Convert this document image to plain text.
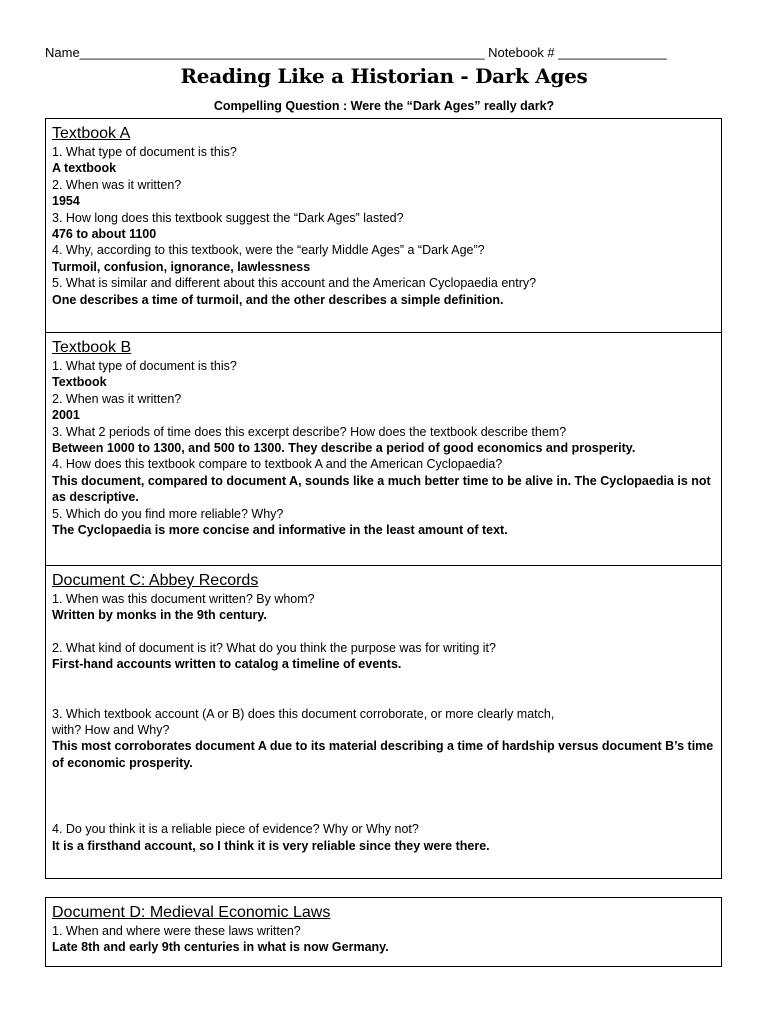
Name________________________________________________________ Notebook # _______________
Reading Like a Historian - Dark Ages
Compelling Question : Were the “Dark Ages” really dark?
Textbook A

1. What type of document is this?

A textbook

2. When was it written?

1954

3. How long does this textbook suggest the “Dark Ages” lasted?

476 to about 1100

4. Why, according to this textbook, were the “early Middle Ages” a “Dark Age”?

Turmoil, confusion, ignorance, lawlessness

5. What is similar and different about this account and the American Cyclopaedia entry?

One describes a time of turmoil, and the other describes a simple definition.

Textbook B

1. What type of document is this?

Textbook

2. When was it written?

2001

3. What 2 periods of time does this excerpt describe? How does the textbook describe them?

Between 1000 to 1300, and 500 to 1300. They describe a period of good economics and prosperity.

4. How does this textbook compare to textbook A and the American Cyclopaedia?

This document, compared to document A, sounds like a much better time to be alive in. The Cyclopaedia is not as descriptive.

5. Which do you find more reliable? Why?

The Cyclopaedia is more concise and informative in the least amount of text.

Document C: Abbey Records

1. When was this document written? By whom?

Written by monks in the 9th century.

2. What kind of document is it? What do you think the purpose was for writing it?

First-hand accounts written to catalog a timeline of events.

3. Which textbook account (A or B) does this document corroborate, or more clearly match, with? How and Why?

This most corroborates document A due to its material describing a time of hardship versus document B’s time of economic prosperity.

4. Do you think it is a reliable piece of evidence? Why or Why not?

It is a firsthand account, so I think it is very reliable since they were there.

Document D: Medieval Economic Laws

1. When and where were these laws written?

Late 8th and early 9th centuries in what is now Germany.
